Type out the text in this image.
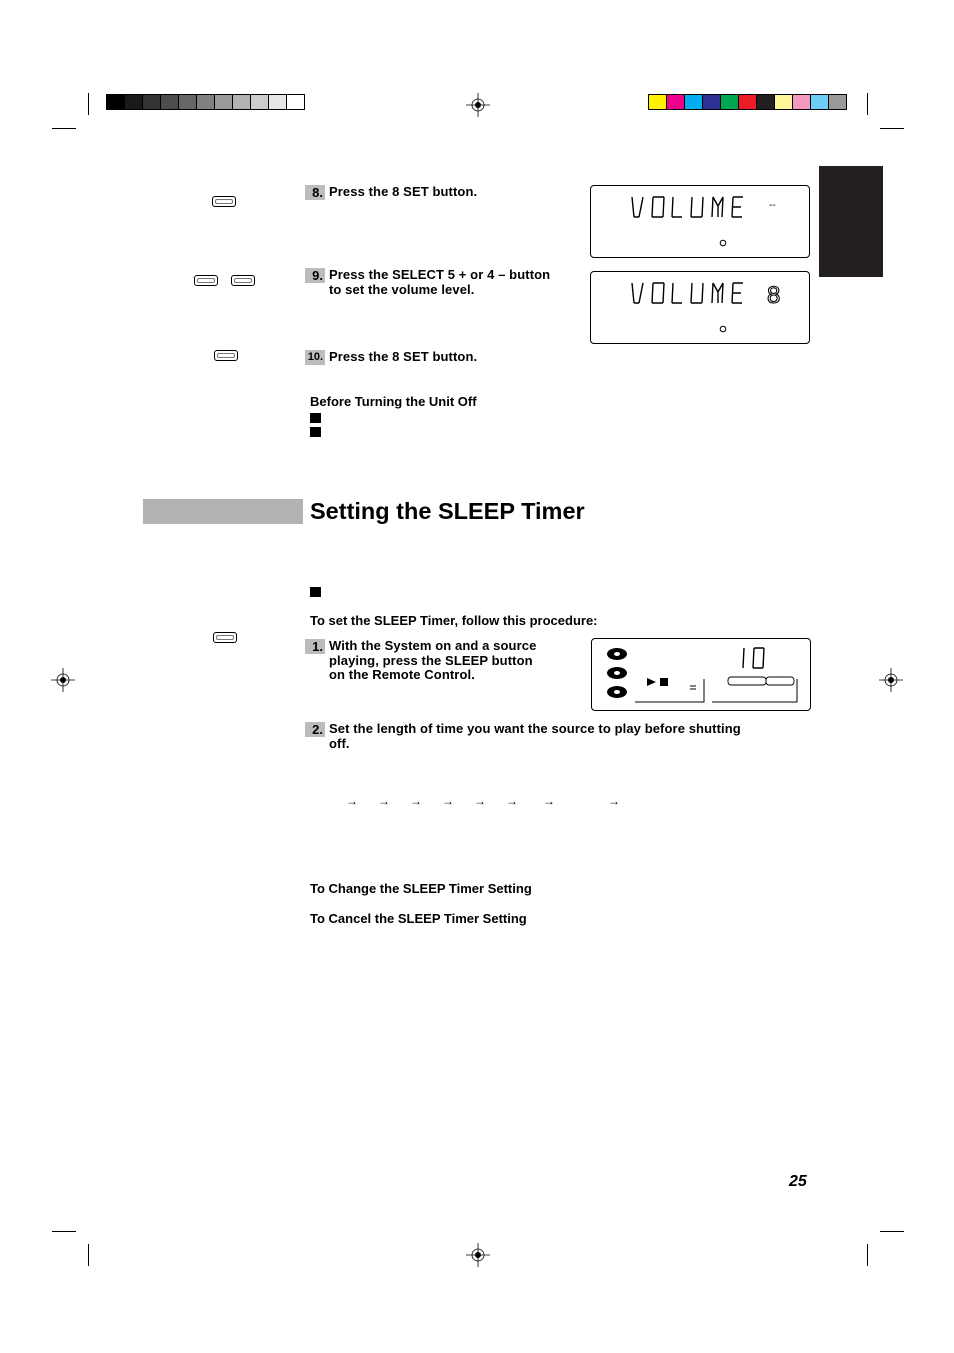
8. Press the 8 SET button.
--
9. Press the SELECT 5 + or 4 – button
to set the volume level.	8
10. Press the 8 SET button.
Before Turning the Unit Off
Setting the SLEEP Timer
To set the SLEEP Timer, follow this procedure:
1. With the System on and a source
playing, press the SLEEP button
on the Remote Control.
2. Set the length of time you want the source to play before shutting
off.
→ → → → → → →	→
To Change the SLEEP Timer Setting
To Cancel the SLEEP Timer Setting
25
